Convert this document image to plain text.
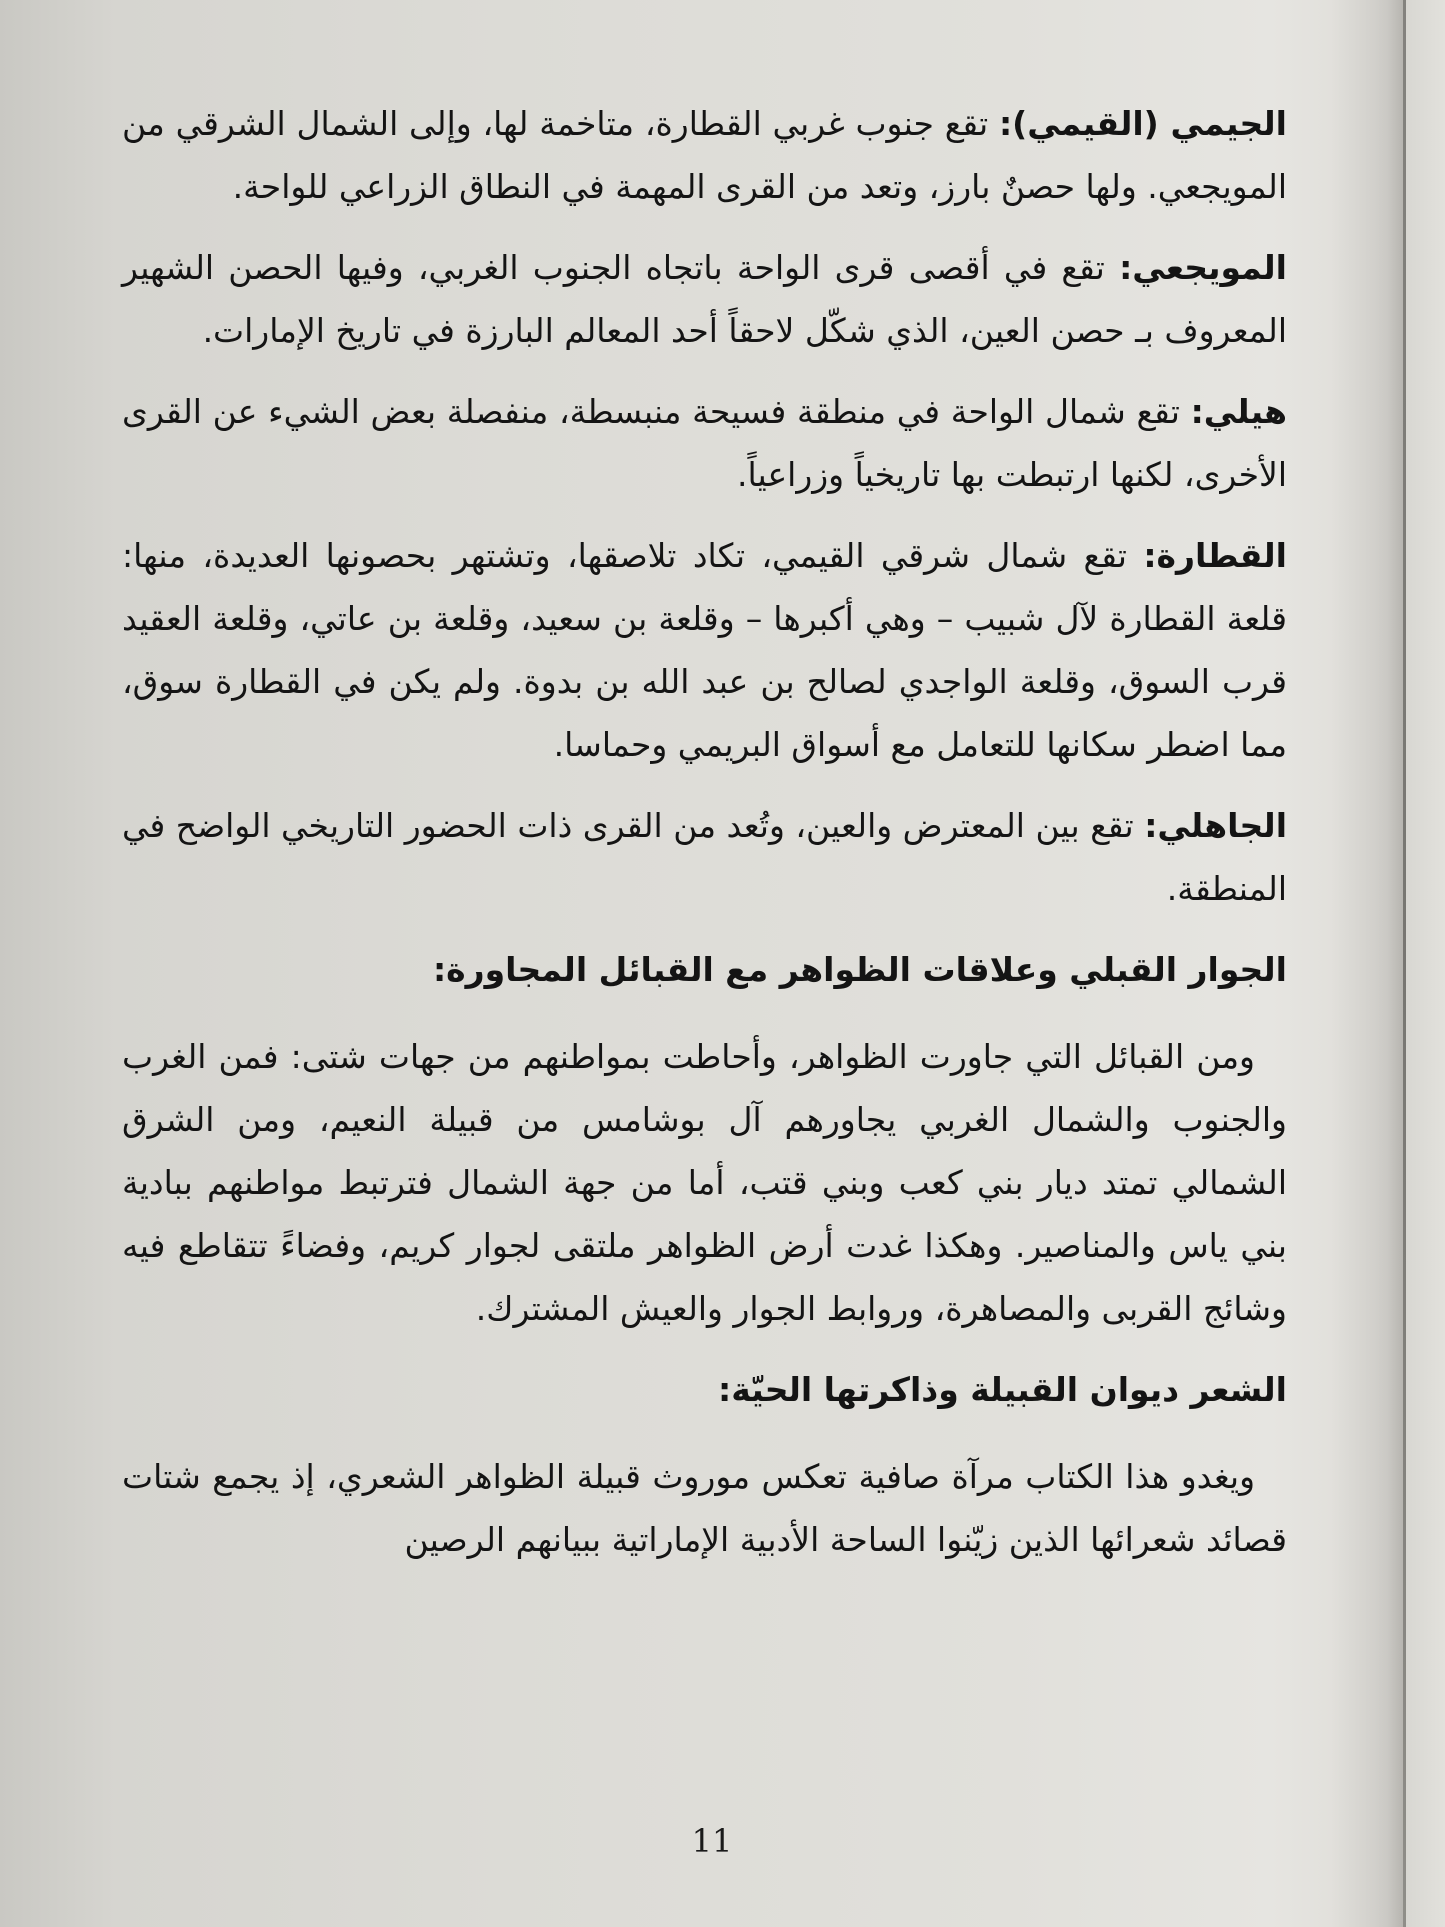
الجيمي (القيمي): تقع جنوب غربي القطارة، متاخمة لها، وإلى الشمال الشرقي من المويجعي. ولها حصنٌ بارز، وتعد من القرى المهمة في النطاق الزراعي للواحة.

المويجعي: تقع في أقصى قرى الواحة باتجاه الجنوب الغربي، وفيها الحصن الشهير المعروف بـ حصن العين، الذي شكّل لاحقاً أحد المعالم البارزة في تاريخ الإمارات.

هيلي: تقع شمال الواحة في منطقة فسيحة منبسطة، منفصلة بعض الشيء عن القرى الأخرى، لكنها ارتبطت بها تاريخياً وزراعياً.

القطارة: تقع شمال شرقي القيمي، تكاد تلاصقها، وتشتهر بحصونها العديدة، منها: قلعة القطارة لآل شبيب – وهي أكبرها – وقلعة بن سعيد، وقلعة بن عاتي، وقلعة العقيد قرب السوق، وقلعة الواجدي لصالح بن عبد الله بن بدوة. ولم يكن في القطارة سوق، مما اضطر سكانها للتعامل مع أسواق البريمي وحماسا.

الجاهلي: تقع بين المعترض والعين، وتُعد من القرى ذات الحضور التاريخي الواضح في المنطقة.

الجوار القبلي وعلاقات الظواهر مع القبائل المجاورة:

ومن القبائل التي جاورت الظواهر، وأحاطت بمواطنهم من جهات شتى: فمن الغرب والجنوب والشمال الغربي يجاورهم آل بوشامس من قبيلة النعيم، ومن الشرق الشمالي تمتد ديار بني كعب وبني قتب، أما من جهة الشمال فترتبط مواطنهم ببادية بني ياس والمناصير. وهكذا غدت أرض الظواهر ملتقى لجوار كريم، وفضاءً تتقاطع فيه وشائج القربى والمصاهرة، وروابط الجوار والعيش المشترك.

الشعر ديوان القبيلة وذاكرتها الحيّة:

ويغدو هذا الكتاب مرآة صافية تعكس موروث قبيلة الظواهر الشعري، إذ يجمع شتات قصائد شعرائها الذين زيّنوا الساحة الأدبية الإماراتية ببيانهم الرصين

11
